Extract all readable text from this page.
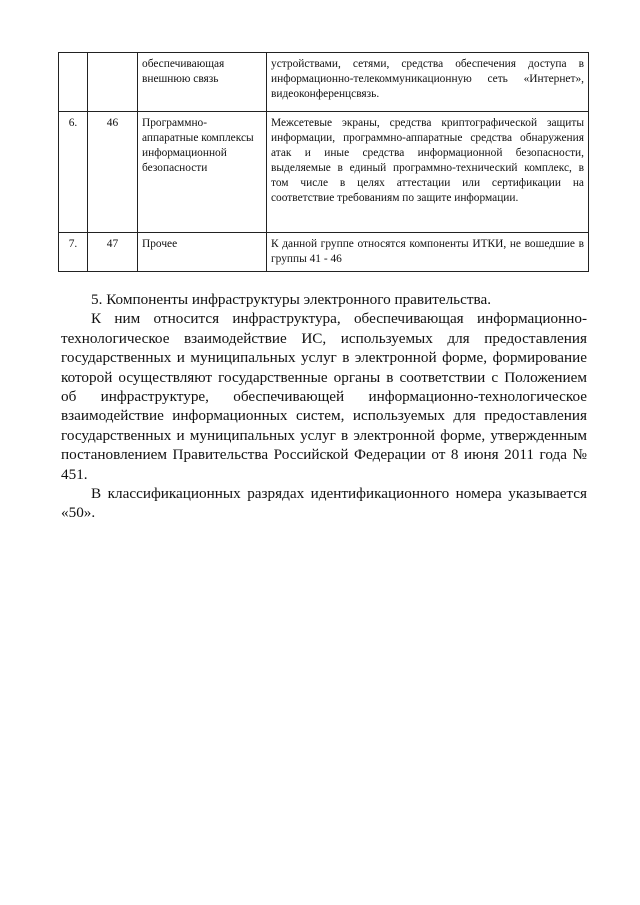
		обеспечивающая внешнюю связь	устройствами, сетями, средства обеспечения доступа в информационно-телекоммуникационную сеть «Интернет», видеоконференцсвязь.
6.	46	Программно-аппаратные комплексы информационной безопасности	Межсетевые экраны, средства криптографической защиты информации, программно-аппаратные средства обнаружения атак и иные средства информационной безопасности, выделяемые в единый программно-технический комплекс, в том числе в целях аттестации или сертификации на соответствие требованиям по защите информации.
7.	47	Прочее	К данной группе относятся компоненты ИТКИ, не вошедшие в группы 41 - 46

5. Компоненты инфраструктуры электронного правительства.

К ним относится инфраструктура, обеспечивающая информационно-технологическое взаимодействие ИС, используемых для предоставления государственных и муниципальных услуг в электронной форме, формирование которой осуществляют государственные органы в соответствии с Положением об инфраструктуре, обеспечивающей информационно-технологическое взаимодействие информационных систем, используемых для предоставления государственных и муниципальных услуг в электронной форме, утвержденным постановлением Правительства Российской Федерации от 8 июня 2011 года № 451.

В классификационных разрядах идентификационного номера указывается «50».
